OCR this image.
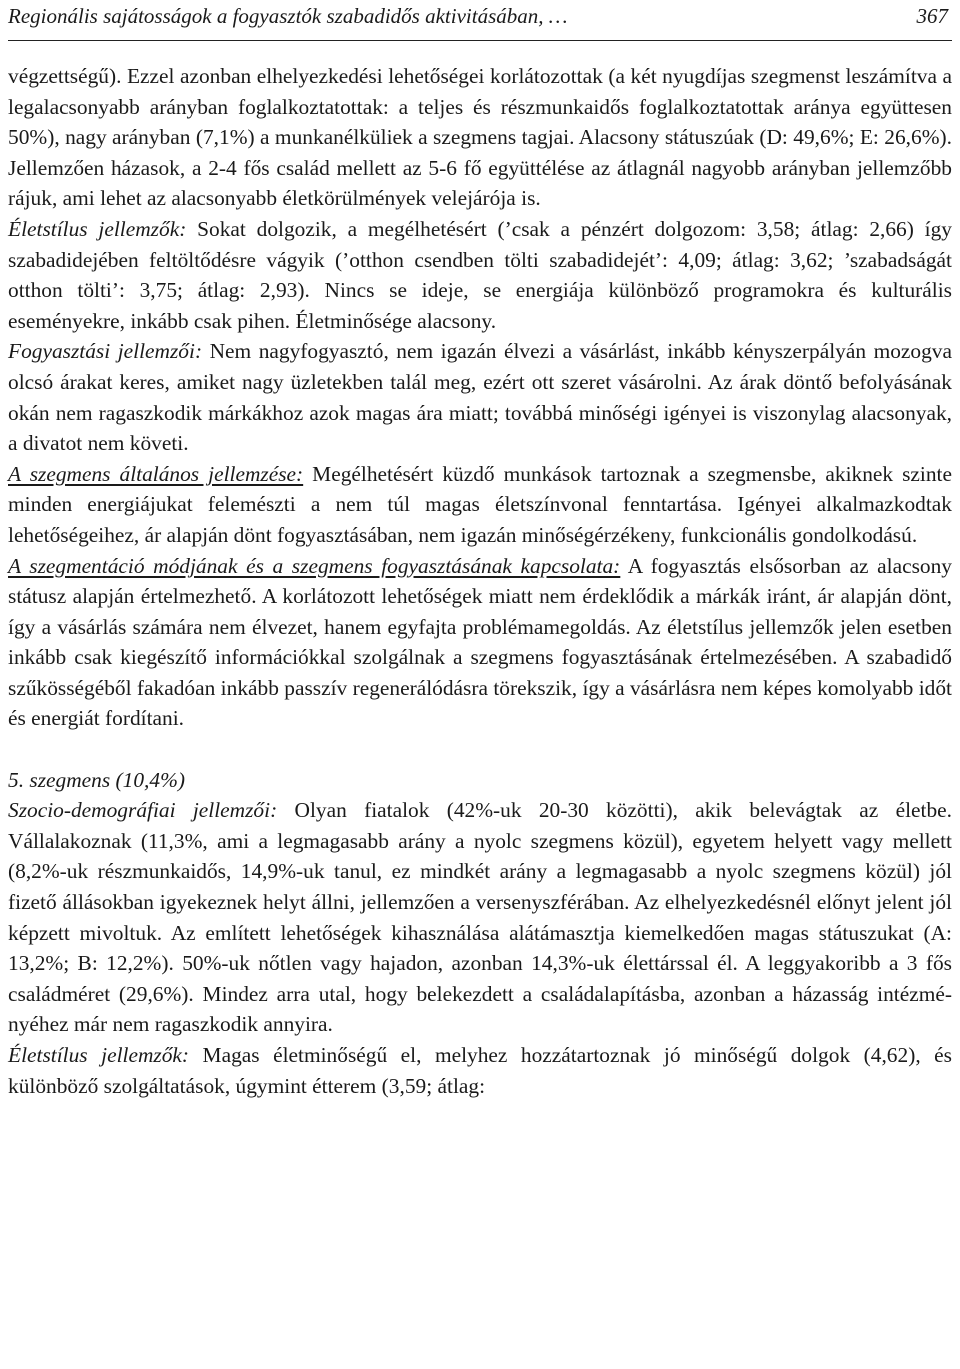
Regionális sajátosságok a fogyasztók szabadidős aktivitásában, …	367

végzettségű). Ezzel azonban elhelyezkedési lehetőségei korlátozottak (a két nyugdíjas szegmenst leszámítva a legalacsonyabb arányban foglalkoztatottak: a teljes és részmunkaidős foglalkoztatottak aránya együttesen 50%), nagy arányban (7,1%) a munkanélküliek a szegmens tagjai. Alacsony státuszúak (D: 49,6%; E: 26,6%). Jellemzően házasok, a 2-4 fős család mellett az 5-6 fő együttélése az átlagnál nagyobb arányban jellemzőbb rájuk, ami lehet az alacsonyabb életkörülmények velejárója is.

Életstílus jellemzők: Sokat dolgozik, a megélhetésért (’csak a pénzért dolgozom: 3,58; átlag: 2,66) így szabadidejében feltöltődésre vágyik (’otthon csendben tölti szabadidejét’: 4,09; átlag: 3,62; ’szabadságát otthon tölti’: 3,75; átlag: 2,93). Nincs se ideje, se energiája különböző programokra és kulturális eseményekre, inkább csak pihen. Életminősége alacsony.

Fogyasztási jellemzői: Nem nagyfogyasztó, nem igazán élvezi a vásárlást, inkább kényszerpályán mozogva olcsó árakat keres, amiket nagy üzletekben talál meg, ezért ott szeret vásárolni. Az árak döntő befolyásának okán nem ragaszkodik márkákhoz azok magas ára miatt; továbbá minőségi igényei is viszonylag alacsonyak, a divatot nem követi.

A szegmens általános jellemzése: Megélhetésért küzdő munkások tartoznak a szegmensbe, akiknek szinte minden energiájukat felemészti a nem túl magas életszínvonal fenntartása. Igényei alkalmazkodtak lehetőségeihez, ár alapján dönt fogyasztásában, nem igazán minőségérzékeny, funkcionális gondolkodású.

A szegmentáció módjának és a szegmens fogyasztásának kapcsolata: A fogyasztás elsősorban az alacsony státusz alapján értelmezhető. A korlátozott lehetőségek miatt nem érdeklődik a márkák iránt, ár alapján dönt, így a vásárlás számára nem élvezet, hanem egyfajta problémamegoldás. Az életstílus jellemzők jelen esetben inkább csak kiegészítő információkkal szolgálnak a szegmens fogyasztásának értelmezésében. A szabadidő szűkösségéből fakadóan inkább passzív regenerálódásra törekszik, így a vásárlásra nem képes komolyabb időt és energiát fordítani.

5. szegmens (10,4%)

Szocio-demográfiai jellemzői: Olyan fiatalok (42%-uk 20-30 közötti), akik belevágtak az életbe. Vállalakoznak (11,3%, ami a legmagasabb arány a nyolc szegmens közül), egyetem helyett vagy mellett (8,2%-uk részmunkaidős, 14,9%-uk tanul, ez mindkét arány a legmagasabb a nyolc szegmens közül) jól fizető állásokban igyekeznek helyt állni, jellemzően a versenyszférában. Az elhelyezkedésnél előnyt jelent jól képzett mivoltuk. Az említett lehetőségek kihasználása alátámasztja kiemelkedően magas státuszukat (A: 13,2%; B: 12,2%). 50%-uk nőtlen vagy hajadon, azonban 14,3%-uk élettárssal él. A leggyakoribb a 3 fős családméret (29,6%). Mindez arra utal, hogy belekezdett a családalapításba, azonban a házasság intézményéhez már nem ragaszkodik annyira.

Életstílus jellemzők: Magas életminőségű el, melyhez hozzátartoznak jó minőségű dolgok (4,62), és különböző szolgáltatások, úgymint étterem (3,59; átlag:
